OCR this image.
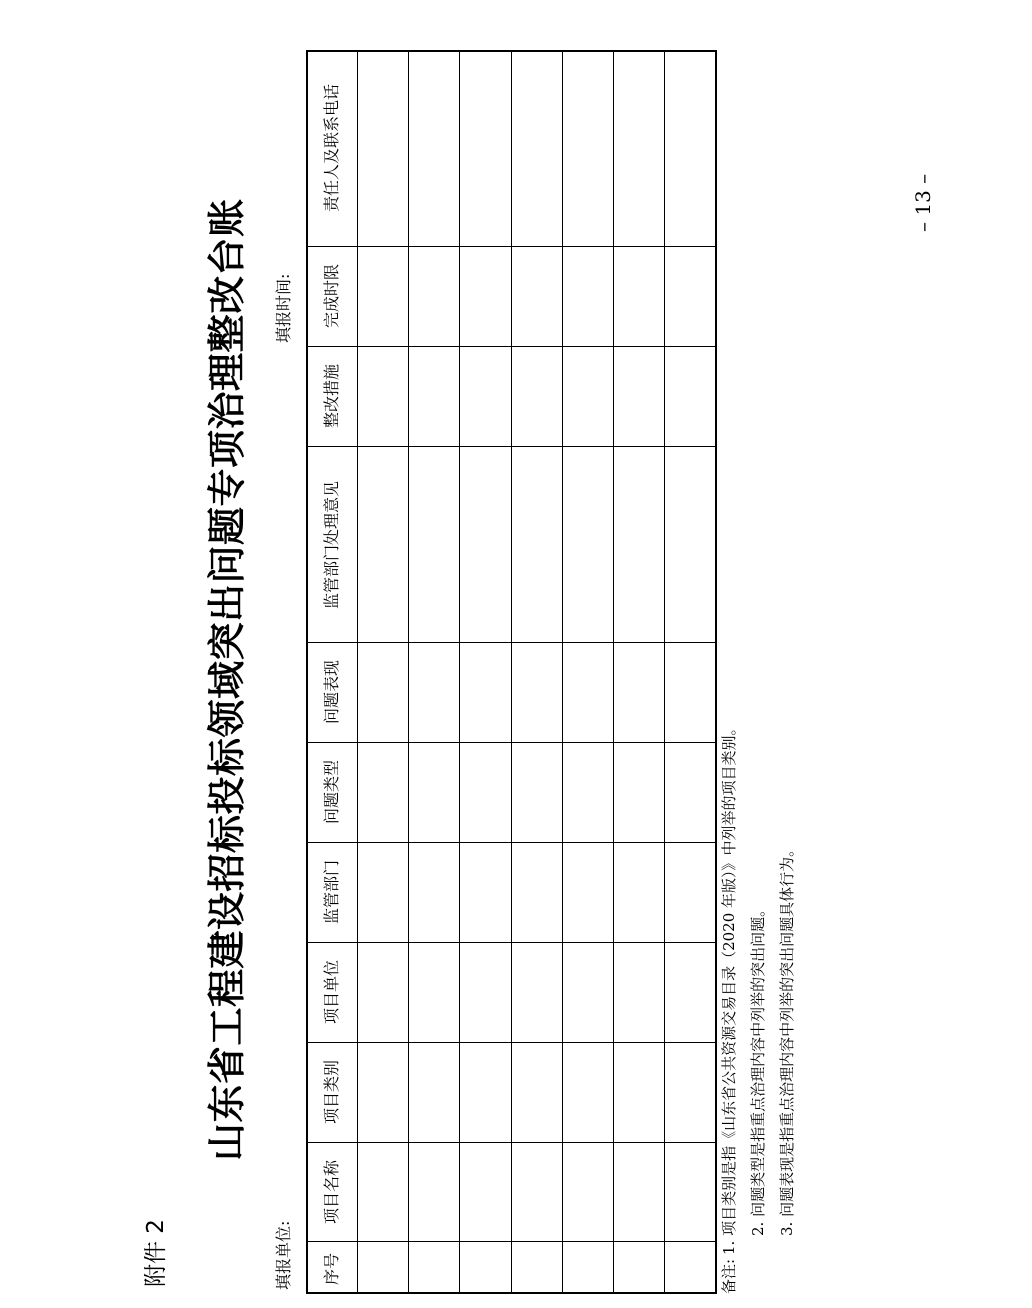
附件 2
山东省工程建设招标投标领域突出问题专项治理整改台账
填报单位:
填报时间:
序号
项目名称
项目类别
项目单位
监管部门
问题类型
问题表现
监管部门处理意见
整改措施
完成时限
责任人及联系电话
备注:
1. 项目类别是指《山东省公共资源交易目录（2020 年版）》中列举的项目类别。 2. 问题类型是指重点治理内容中列举的突出问题。 3. 问题表现是指重点治理内容中列举的突出问题具体行为。
– 13 –
